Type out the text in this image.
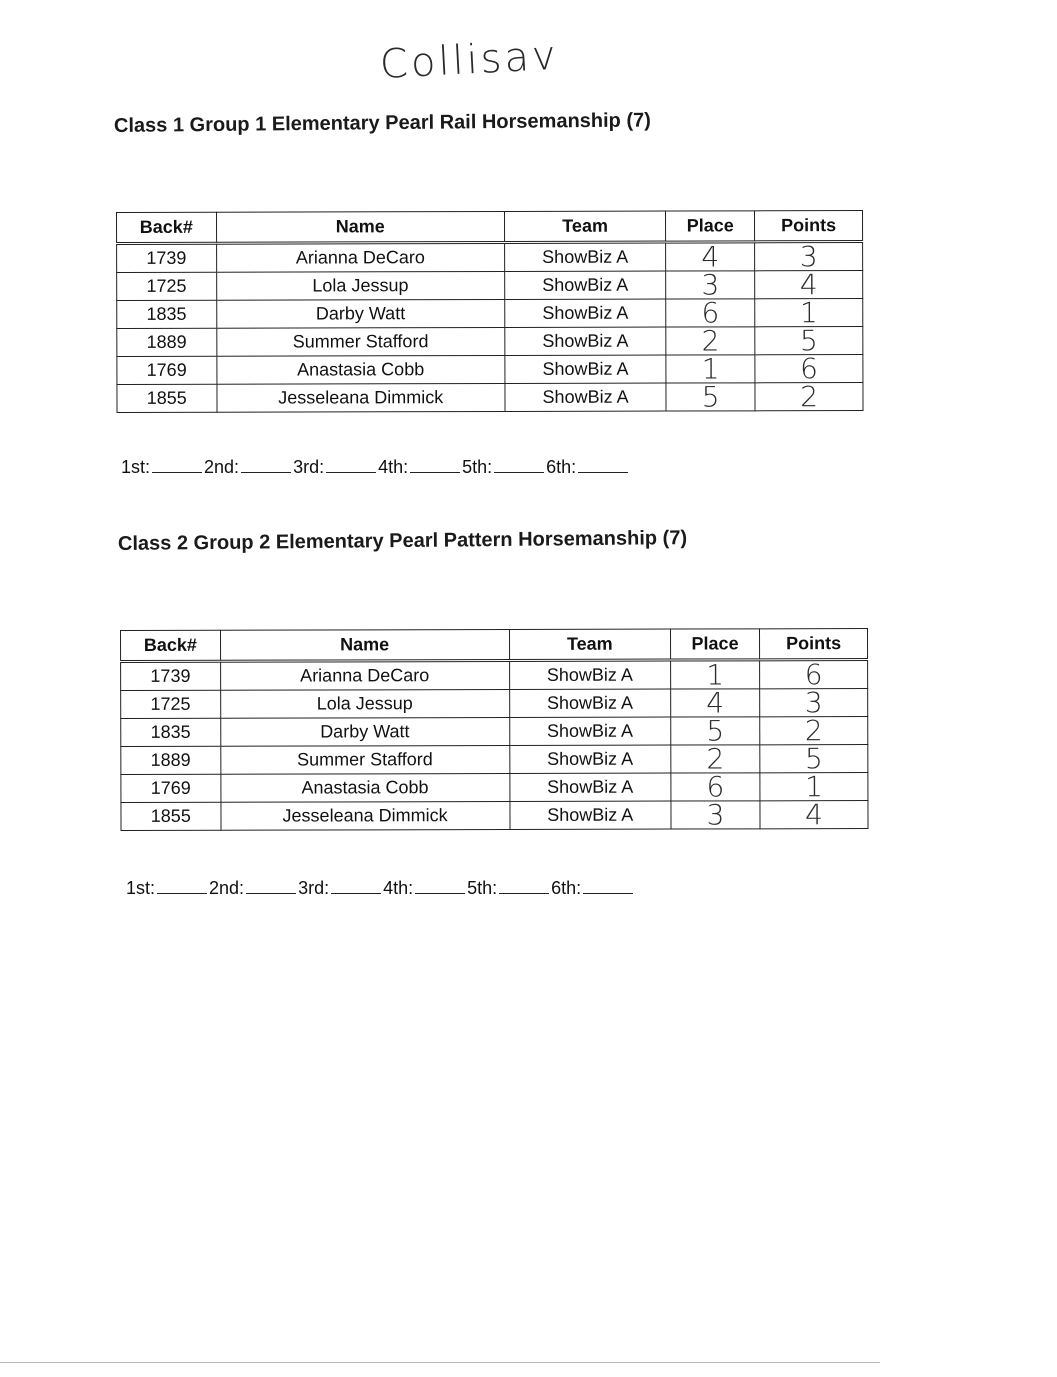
Collisav
Class 1 Group 1 Elementary Pearl Rail Horsemanship (7)
Back#	Name	Team	Place	Points
1739	Arianna DeCaro	ShowBiz A	4	3
1725	Lola Jessup	ShowBiz A	3	4
1835	Darby Watt	ShowBiz A	6	1
1889	Summer Stafford	ShowBiz A	2	5
1769	Anastasia Cobb	ShowBiz A	1	6
1855	Jesseleana Dimmick	ShowBiz A	5	2
1st:	2nd:	3rd:	4th:	5th:	6th:
Class 2 Group 2 Elementary Pearl Pattern Horsemanship (7)
Back#	Name	Team	Place	Points
1739	Arianna DeCaro	ShowBiz A	1	6
1725	Lola Jessup	ShowBiz A	4	3
1835	Darby Watt	ShowBiz A	5	2
1889	Summer Stafford	ShowBiz A	2	5
1769	Anastasia Cobb	ShowBiz A	6	1
1855	Jesseleana Dimmick	ShowBiz A	3	4
1st:	2nd:	3rd:	4th:	5th:	6th:
